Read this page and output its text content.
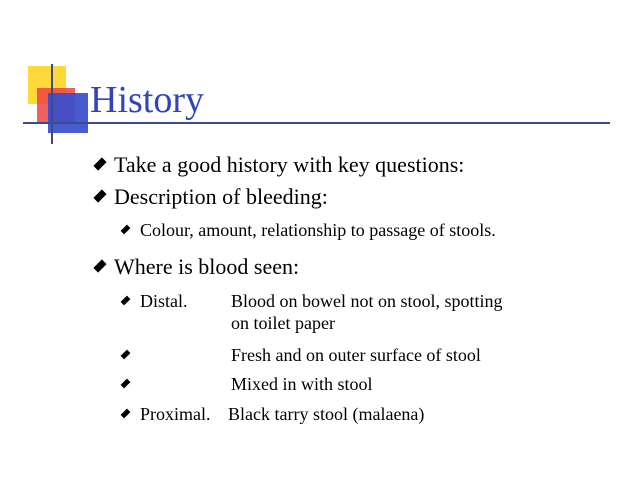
History
Take a good history with key questions:
Description of bleeding:
Colour, amount, relationship to passage of stools.
Where is blood seen:
Distal. Blood on bowel not on stool, spotting
on toilet paper
Fresh and on outer surface of stool
Mixed in with stool
Proximal. Black tarry stool (malaena)
